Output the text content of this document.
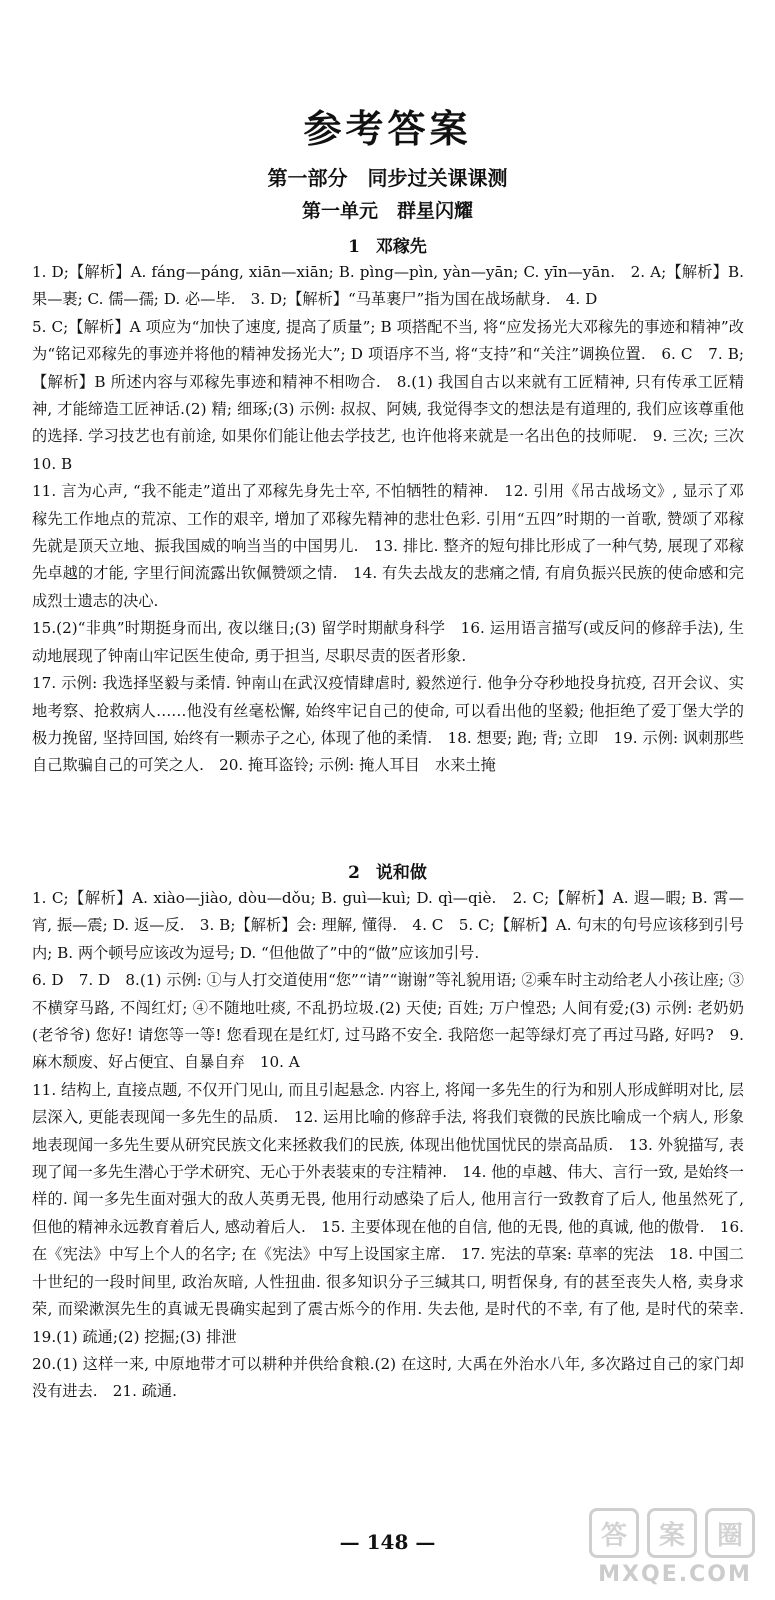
参考答案
第一部分　同步过关课课测
第一单元　群星闪耀
1 邓稼先

1. D;【解析】A. fáng—páng, xiān—xiān; B. pìng—pìn, yàn—yān; C. yīn—yān.　2. A;【解析】B. 果—裹; C. 儒—孺; D. 必—毕.　3. D;【解析】“马革裹尸”指为国在战场献身.　4. D

5. C;【解析】A 项应为“加快了速度, 提高了质量”; B 项搭配不当, 将“应发扬光大邓稼先的事迹和精神”改为“铭记邓稼先的事迹并将他的精神发扬光大”; D 项语序不当, 将“支持”和“关注”调换位置.　6. C　7. B;【解析】B 所述内容与邓稼先事迹和精神不相吻合.　8.(1) 我国自古以来就有工匠精神, 只有传承工匠精神, 才能缔造工匠神话.(2) 精; 细琢;(3) 示例: 叔叔、阿姨, 我觉得李文的想法是有道理的, 我们应该尊重他的选择. 学习技艺也有前途, 如果你们能让他去学技艺, 也许他将来就是一名出色的技师呢.　9. 三次; 三次　10. B

11. 言为心声, “我不能走”道出了邓稼先身先士卒, 不怕牺牲的精神.　12. 引用《吊古战场文》, 显示了邓稼先工作地点的荒凉、工作的艰辛, 增加了邓稼先精神的悲壮色彩. 引用“五四”时期的一首歌, 赞颂了邓稼先就是顶天立地、振我国威的响当当的中国男儿.　13. 排比. 整齐的短句排比形成了一种气势, 展现了邓稼先卓越的才能, 字里行间流露出钦佩赞颂之情.　14. 有失去战友的悲痛之情, 有肩负振兴民族的使命感和完成烈士遗志的决心.

15.(2)“非典”时期挺身而出, 夜以继日;(3) 留学时期献身科学　16. 运用语言描写(或反问的修辞手法), 生动地展现了钟南山牢记医生使命, 勇于担当, 尽职尽责的医者形象.

17. 示例: 我选择坚毅与柔情. 钟南山在武汉疫情肆虐时, 毅然逆行. 他争分夺秒地投身抗疫, 召开会议、实地考察、抢救病人……他没有丝毫松懈, 始终牢记自己的使命, 可以看出他的坚毅; 他拒绝了爱丁堡大学的极力挽留, 坚持回国, 始终有一颗赤子之心, 体现了他的柔情.　18. 想要; 跑; 背; 立即　19. 示例: 讽刺那些自己欺骗自己的可笑之人.　20. 掩耳盗铃; 示例: 掩人耳目　水来土掩

2 说和做

1. C;【解析】A. xiào—jiào, dòu—dǒu; B. guì—kuì; D. qì—qiè.　2. C;【解析】A. 遐—暇; B. 霄—宵, 振—震; D. 返—反.　3. B;【解析】会: 理解, 懂得.　4. C　5. C;【解析】A. 句末的句号应该移到引号内; B. 两个顿号应该改为逗号; D. “但他做了”中的“做”应该加引号.

6. D　7. D　8.(1) 示例: ①与人打交道使用“您”“请”“谢谢”等礼貌用语; ②乘车时主动给老人小孩让座; ③不横穿马路, 不闯红灯; ④不随地吐痰, 不乱扔垃圾.(2) 天使; 百姓; 万户惶恐; 人间有爱;(3) 示例: 老奶奶(老爷爷) 您好! 请您等一等! 您看现在是红灯, 过马路不安全. 我陪您一起等绿灯亮了再过马路, 好吗?　9. 麻木颓废、好占便宜、自暴自弃　10. A

11. 结构上, 直接点题, 不仅开门见山, 而且引起悬念. 内容上, 将闻一多先生的行为和别人形成鲜明对比, 层层深入, 更能表现闻一多先生的品质.　12. 运用比喻的修辞手法, 将我们衰微的民族比喻成一个病人, 形象地表现闻一多先生要从研究民族文化来拯救我们的民族, 体现出他忧国忧民的崇高品质.　13. 外貌描写, 表现了闻一多先生潜心于学术研究、无心于外表装束的专注精神.　14. 他的卓越、伟大、言行一致, 是始终一样的. 闻一多先生面对强大的敌人英勇无畏, 他用行动感染了后人, 他用言行一致教育了后人, 他虽然死了, 但他的精神永远教育着后人, 感动着后人.　15. 主要体现在他的自信, 他的无畏, 他的真诚, 他的傲骨.　16. 在《宪法》中写上个人的名字; 在《宪法》中写上设国家主席.　17. 宪法的草案: 草率的宪法　18. 中国二十世纪的一段时间里, 政治灰暗, 人性扭曲. 很多知识分子三缄其口, 明哲保身, 有的甚至丧失人格, 卖身求荣, 而梁漱溟先生的真诚无畏确实起到了震古烁今的作用. 失去他, 是时代的不幸, 有了他, 是时代的荣幸.　19.(1) 疏通;(2) 挖掘;(3) 排泄

20.(1) 这样一来, 中原地带才可以耕种并供给食粮.(2) 在这时, 大禹在外治水八年, 多次路过自己的家门却没有进去.　21. 疏通.

— 148 —	答	案	圈
MXQE.COM
